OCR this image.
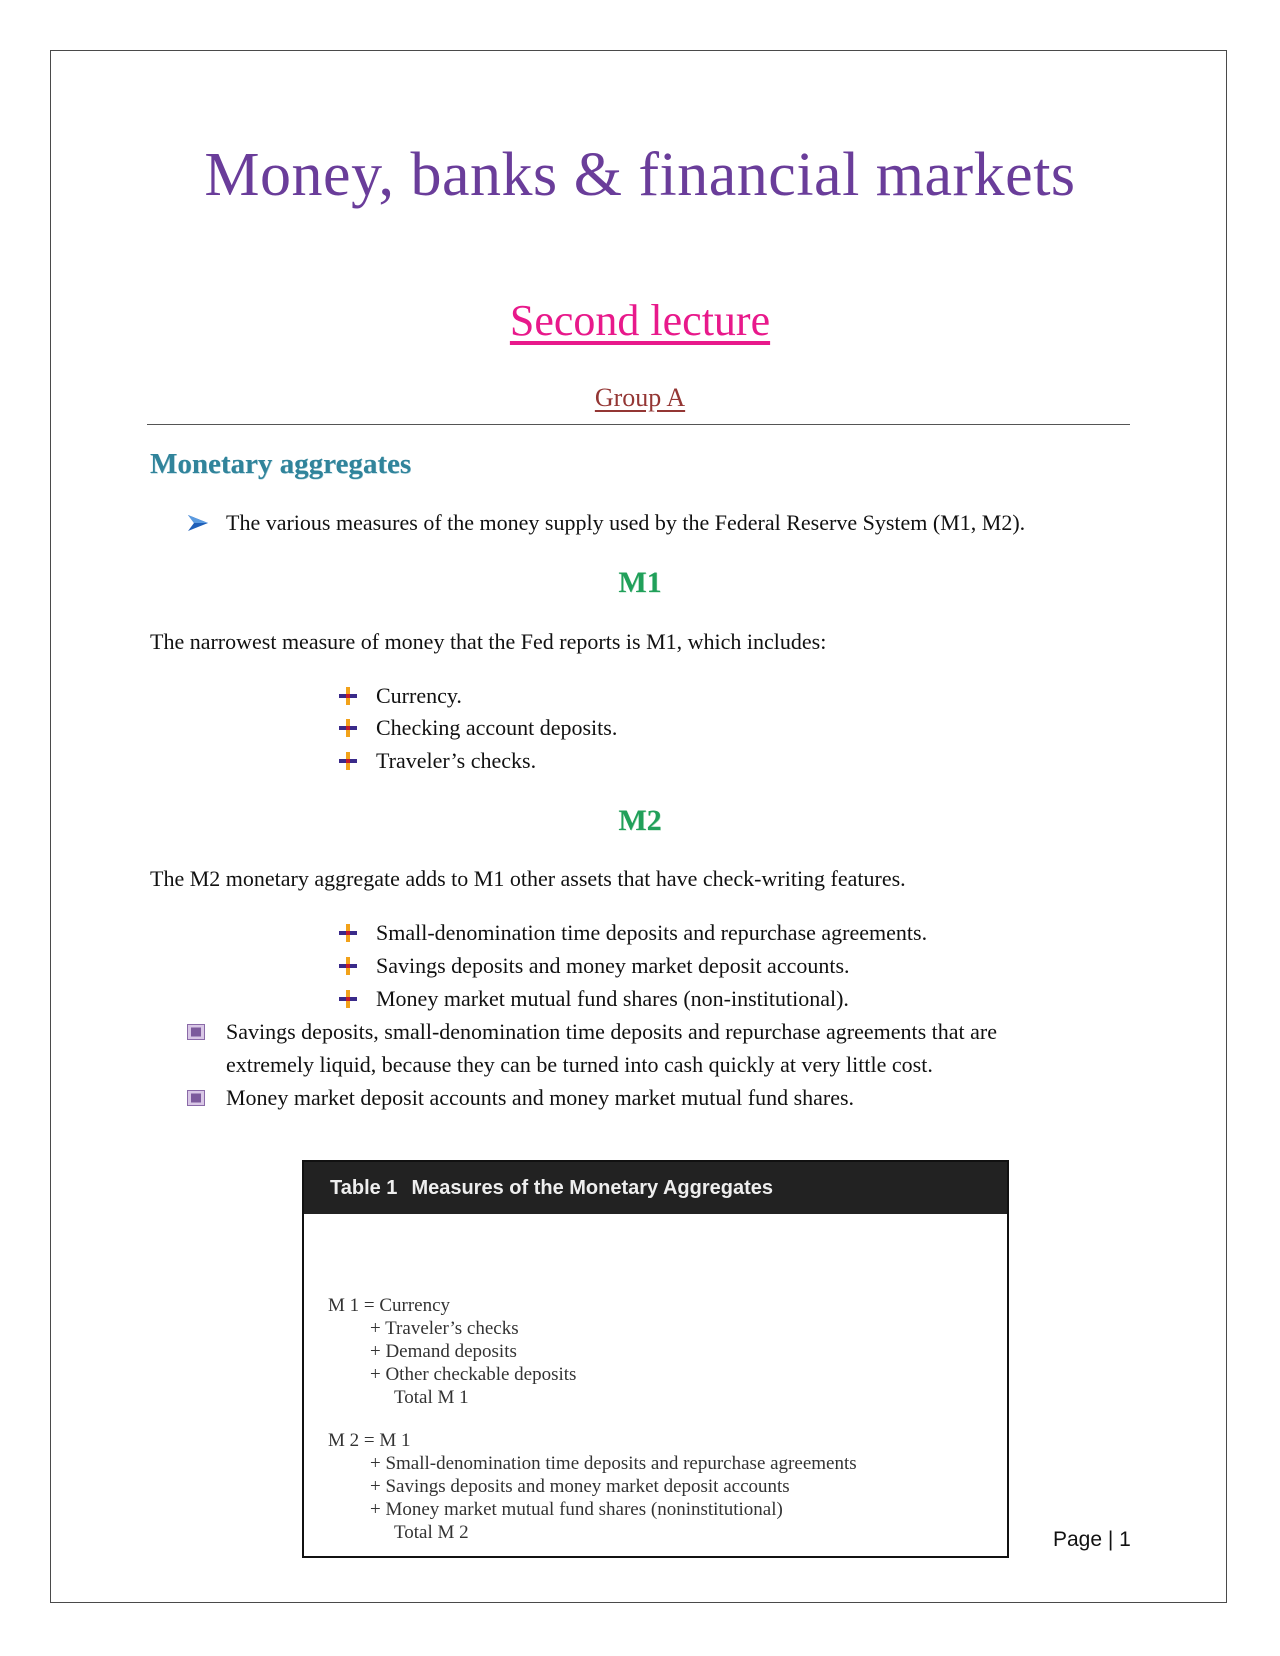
Money, banks & financial markets
Second lecture
Group A
Monetary aggregates
The various measures of the money supply used by the Federal Reserve System (M1, M2).
M1
The narrowest measure of money that the Fed reports is M1, which includes:
Currency.
Checking account deposits.
Traveler’s checks.
M2
The M2 monetary aggregate adds to M1 other assets that have check-writing features.
Small-denomination time deposits and repurchase agreements.
Savings deposits and money market deposit accounts.
Money market mutual fund shares (non-institutional).
Savings deposits, small-denomination time deposits and repurchase agreements that are
extremely liquid, because they can be turned into cash quickly at very little cost.
Money market deposit accounts and money market mutual fund shares.
Table 1 Measures of the Monetary Aggregates
M 1 = Currency
+ Traveler’s checks
+ Demand deposits
+ Other checkable deposits
Total M 1
M 2 = M 1
+ Small-denomination time deposits and repurchase agreements
+ Savings deposits and money market deposit accounts
+ Money market mutual fund shares (noninstitutional)
Total M 2	Page | 1
